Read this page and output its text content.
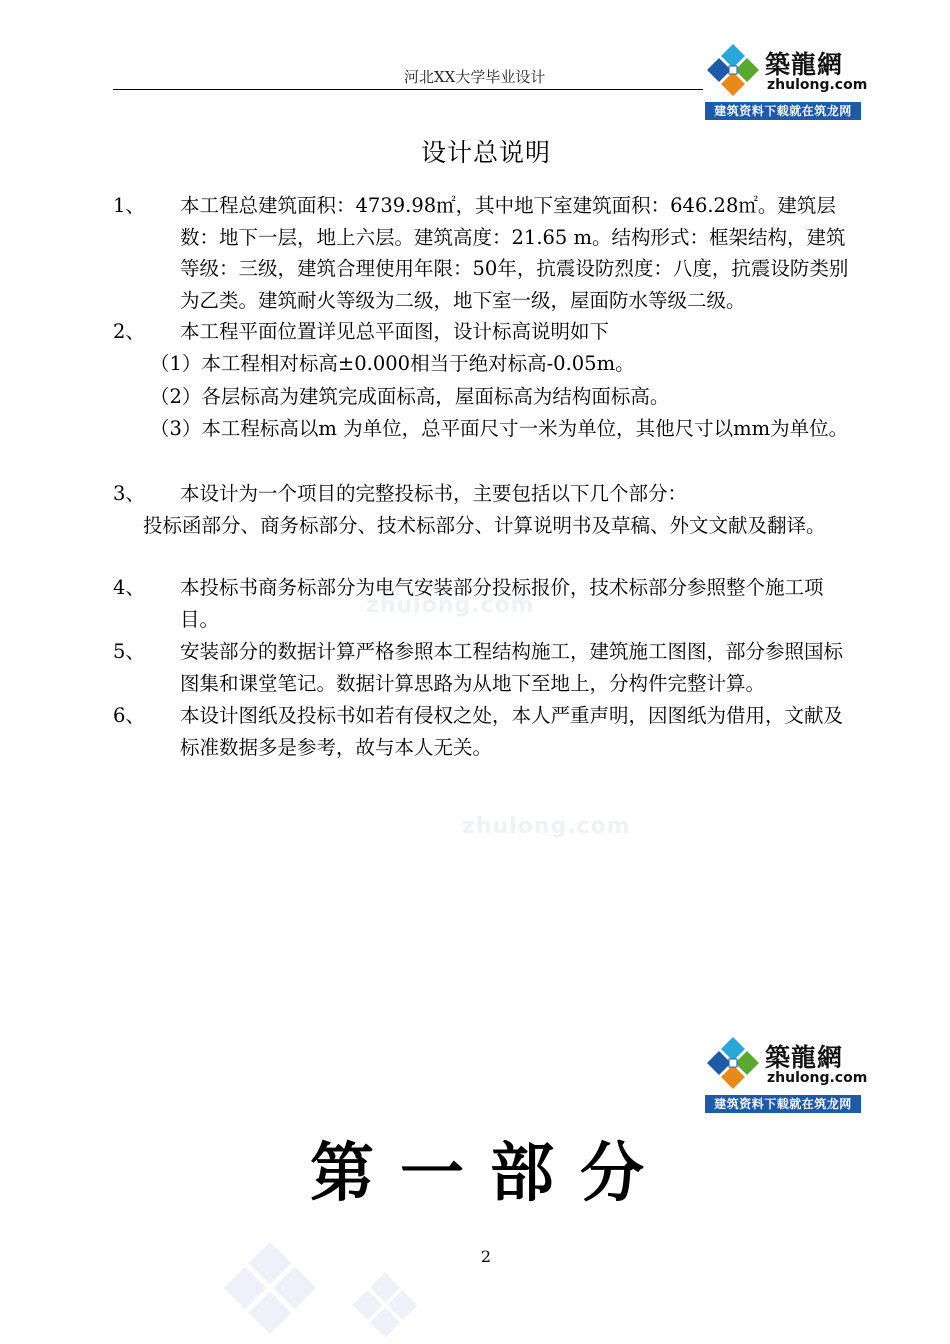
河北XX大学毕业设计	築龍網
zhulong.com
建筑资料下载就在筑龙网
设计总说明
1、	本工程总建筑面积：4739.98㎡，其中地下室建筑面积：646.28㎡。建筑层数：地下一层，地上六层。建筑高度：21.65 m。结构形式：框架结构，建筑等级：三级，建筑合理使用年限：50年，抗震设防烈度：八度，抗震设防类别为乙类。建筑耐火等级为二级，地下室一级，屋面防水等级二级。
2、	本工程平面位置详见总平面图，设计标高说明如下
（1）本工程相对标高±0.000相当于绝对标高-0.05m。
（2）各层标高为建筑完成面标高，屋面标高为结构面标高。
（3）本工程标高以m 为单位，总平面尺寸一米为单位，其他尺寸以mm为单位。
3、	本设计为一个项目的完整投标书，主要包括以下几个部分：
投标函部分、商务标部分、技术标部分、计算说明书及草稿、外文文献及翻译。
zhulong.com
4、	本投标书商务标部分为电气安装部分投标报价，技术标部分参照整个施工项目。
5、	安装部分的数据计算严格参照本工程结构施工，建筑施工图图，部分参照国标图集和课堂笔记。数据计算思路为从地下至地上，分构件完整计算。
6、	本设计图纸及投标书如若有侵权之处，本人严重声明，因图纸为借用，文献及标准数据多是参考，故与本人无关。
zhulong.com
築龍網
zhulong.com
建筑资料下载就在筑龙网
第一部分
2
